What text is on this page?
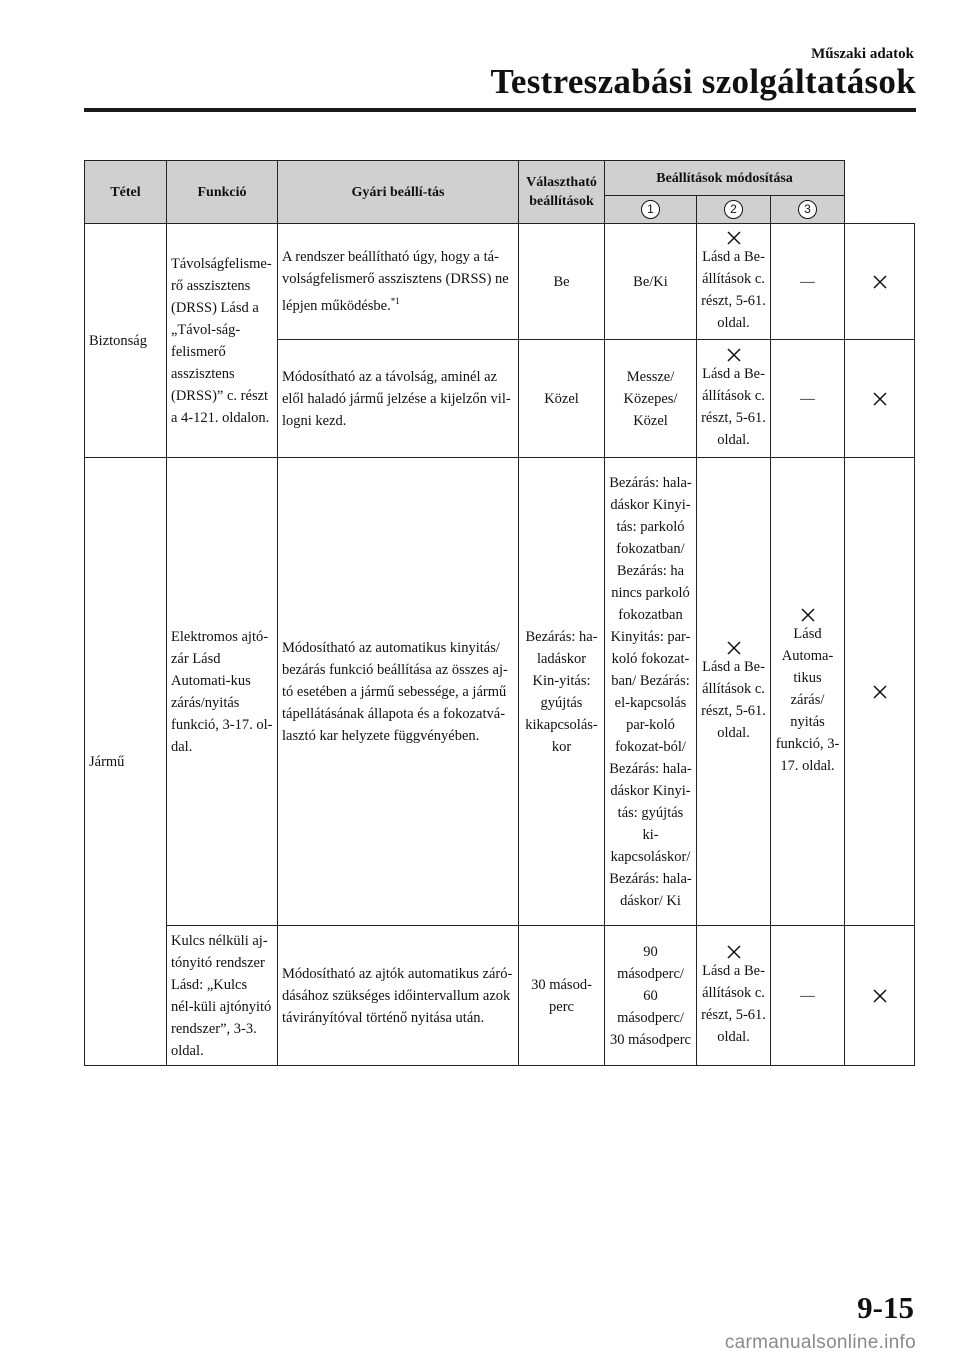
Műszaki adatok
Testreszabási szolgáltatások
Tétel	Funkció	Gyári beállí-tás	Választható beállítások	Beállítások módosítása			
				1	2	3	
Biztonság	Távolságfelisme-rő asszisztens (DRSS) Lásd a „Távol-ság-felismerő asszisztens (DRSS)” c. részt a 4-121. oldalon.	A rendszer beállítható úgy, hogy a tá-volságfelismerő asszisztens (DRSS) ne lépjen működésbe.$^{*1}$	Be	Be/Ki	Lásd a Be-állítások c. részt, 5-61. oldal.	—	

		Módosítható az a távolság, aminél az elől haladó jármű jelzése a kijelzőn vil-logni kezd.	Közel	Messze/ Közepes/ Közel	Lásd a Be-állítások c. részt, 5-61. oldal.	—	

Jármű	Elektromos ajtó-zár Lásd Automati-kus zárás/nyitás funkció, 3-17. ol-dal.	Módosítható az automatikus kinyitás/ bezárás funkció beállítása az összes aj-tó esetében a jármű sebessége, a jármű tápellátásának állapota és a fokozatvá-lasztó kar helyzete függvényében.	Bezárás: ha-ladáskor Kin-yitás: gyújtás kikapcsolás-kor	Bezárás: hala-dáskor Kinyi-tás: parkoló fokozatban/ Bezárás: ha nincs parkoló fokozatban Kinyitás: par-koló fokozat-ban/ Bezárás: el-kapcsolás par-koló fokozat-ból/ Bezárás: hala-dáskor Kinyi-tás: gyújtás ki-kapcsoláskor/ Bezárás: hala-dáskor/ Ki	Lásd a Be-állítások c. részt, 5-61. oldal.	Lásd Automa-tikus zárás/ nyitás funkció, 3-17. oldal.	

	Kulcs nélküli aj-tónyitó rendszer Lásd: „Kulcs nél-küli ajtónyitó rendszer”, 3-3. oldal.	Módosítható az ajtók automatikus záró-dásához szükséges időintervallum azok távirányítóval történő nyitása után.	30 másod-perc	90 másodperc/ 60 másodperc/ 30 másodperc	Lásd a Be-állítások c. részt, 5-61. oldal.	—	
9-15
carmanualsonline.info
